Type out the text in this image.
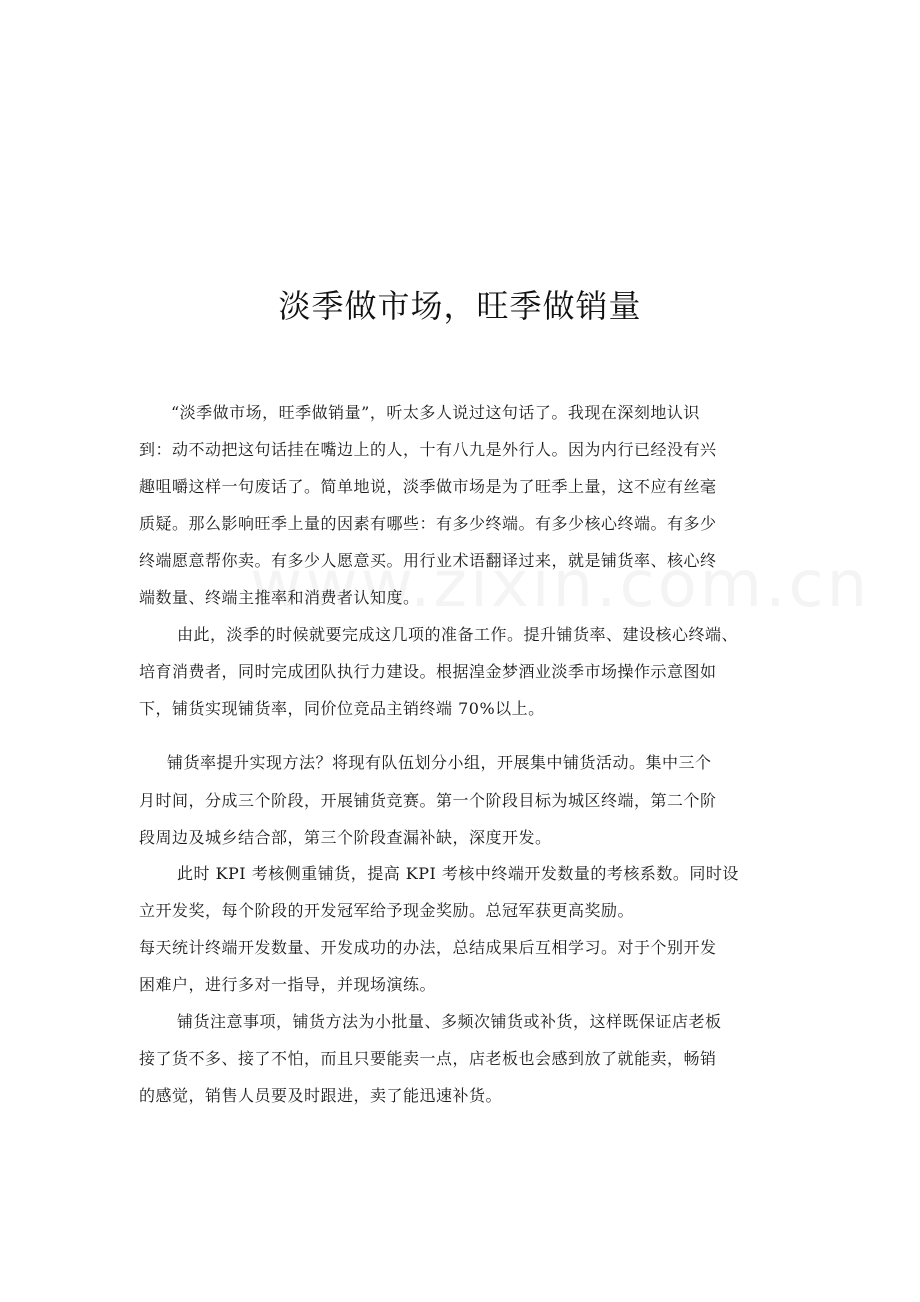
淡季做市场，旺季做销量
“淡季做市场，旺季做销量”，听太多人说过这句话了。我现在深刻地认识
到：动不动把这句话挂在嘴边上的人，十有八九是外行人。因为内行已经没有兴
趣咀嚼这样一句废话了。简单地说，淡季做市场是为了旺季上量，这不应有丝毫
质疑。那么影响旺季上量的因素有哪些：有多少终端。有多少核心终端。有多少
终端愿意帮你卖。有多少人愿意买。用行业术语翻译过来，就是铺货率、核心终
端数量、终端主推率和消费者认知度。
由此，淡季的时候就要完成这几项的准备工作。提升铺货率、建设核心终端、
培育消费者，同时完成团队执行力建设。根据湟金梦酒业淡季市场操作示意图如
下，铺货实现铺货率，同价位竞品主销终端 70%以上。
铺货率提升实现方法？将现有队伍划分小组，开展集中铺货活动。集中三个
月时间，分成三个阶段，开展铺货竞赛。第一个阶段目标为城区终端，第二个阶
段周边及城乡结合部，第三个阶段查漏补缺，深度开发。
此时 KPI 考核侧重铺货，提高 KPI 考核中终端开发数量的考核系数。同时设
立开发奖，每个阶段的开发冠军给予现金奖励。总冠军获更高奖励。
每天统计终端开发数量、开发成功的办法，总结成果后互相学习。对于个别开发
困难户，进行多对一指导，并现场演练。
铺货注意事项，铺货方法为小批量、多频次铺货或补货，这样既保证店老板
接了货不多、接了不怕，而且只要能卖一点，店老板也会感到放了就能卖，畅销
的感觉，销售人员要及时跟进，卖了能迅速补货。
